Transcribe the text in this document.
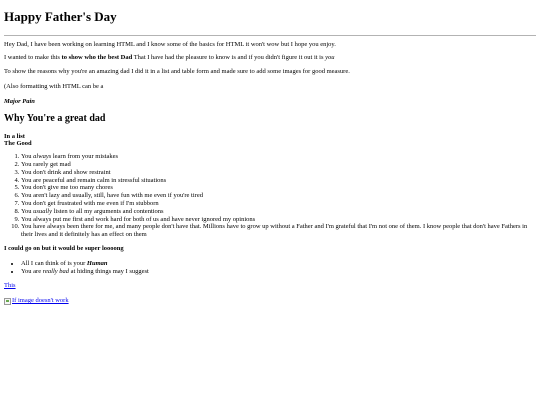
Happy Father's Day

Hey Dad, I have been working on learning HTML and I know some of the basics for HTML it won't wow but I hope you enjoy.

I wanted to make this to show who the best Dad That I have had the pleasure to know is and if you didn't figure it out it is you

To show the reasons why you're an amazing dad I did it in a list and table form and made sure to add some images for good measure.

(Also formatting with HTML can be a

Major Pain

Why You're a great dad

In a list

The Good

1. You always learn from your mistakes
2. You rarely get mad
3. You don't drink and show restraint
4. You are peaceful and remain calm in stressful situations
5. You don't give me too many chores
6. You aren't lazy and usually, still, have fun with me even if you're tired
7. You don't get frustrated with me even if I'm stubborn
8. You usually listen to all my arguments and contentions
9. You always put me first and work hard for both of us and have never ignored my opinions
10. You have always been there for me, and many people don't have that. Millions have to grow up without a Father and I'm grateful that I'm not one of them. I know people that don't have Fathers in their lives and it definitely has an effect on them

I could go on but it would be super loooong

• All I can think of is your Human
• You are really bad at hiding things may I suggest

This

If image doesn't work
